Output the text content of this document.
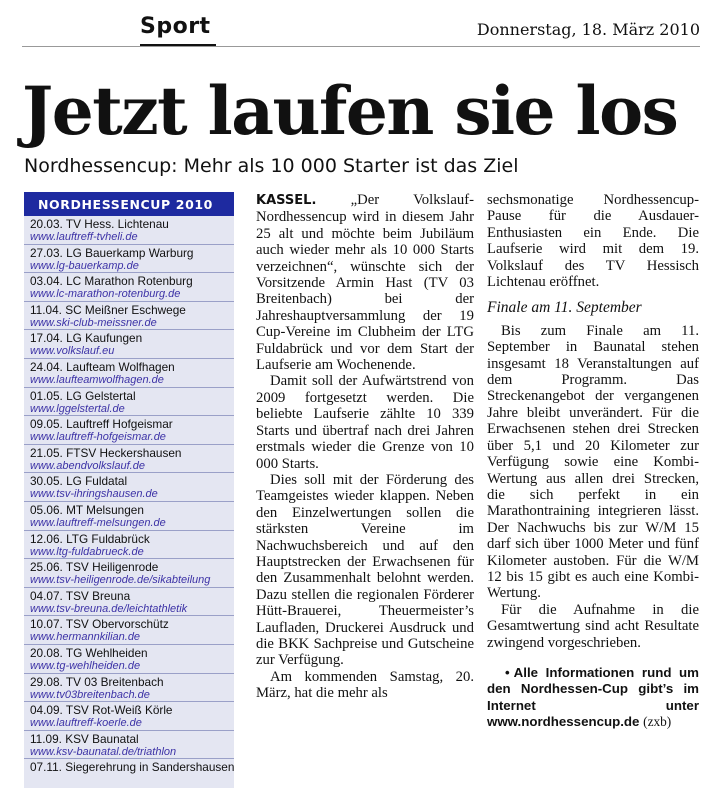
Sport	Donnerstag, 18. März 2010
Jetzt laufen sie los
Nordhessencup: Mehr als 10 000 Starter ist das Ziel
NORDHESSENCUP 2010
20.03. TV Hess. Lichtenau
www.lauftreff-tvheli.de
27.03. LG Bauerkamp Warburg
www.lg-bauerkamp.de
03.04. LC Marathon Rotenburg
www.lc-marathon-rotenburg.de
11.04. SC Meißner Eschwege
www.ski-club-meissner.de
17.04. LG Kaufungen
www.volkslauf.eu
24.04. Laufteam Wolfhagen
www.laufteamwolfhagen.de
01.05. LG Gelstertal
www.lggelstertal.de
09.05. Lauftreff Hofgeismar
www.lauftreff-hofgeismar.de
21.05. FTSV Heckershausen
www.abendvolkslauf.de
30.05. LG Fuldatal
www.tsv-ihringshausen.de
05.06. MT Melsungen
www.lauftreff-melsungen.de
12.06. LTG Fuldabrück
www.ltg-fuldabrueck.de
25.06. TSV Heiligenrode
www.tsv-heiligenrode.de/sikabteilung
04.07. TSV Breuna
www.tsv-breuna.de/leichtathletik
10.07. TSV Obervorschütz
www.hermannkilian.de
20.08. TG Wehlheiden
www.tg-wehlheiden.de
29.08. TV 03 Breitenbach
www.tv03breitenbach.de
04.09. TSV Rot-Weiß Körle
www.lauftreff-koerle.de
11.09. KSV Baunatal
www.ksv-baunatal.de/triathlon
07.11. Siegerehrung in Sandershausen

KASSEL. „Der Volkslauf-Nordhessencup wird in diesem Jahr 25 alt und möchte beim Jubiläum auch wieder mehr als 10 000 Starts verzeichnen“, wünschte sich der Vorsitzende Armin Hast (TV 03 Breitenbach) bei der Jahreshauptversammlung der 19 Cup-Vereine im Clubheim der LTG Fuldabrück und vor dem Start der Laufserie am Wochenende.

Damit soll der Aufwärtstrend von 2009 fortgesetzt werden. Die beliebte Laufserie zählte 10 339 Starts und übertraf nach drei Jahren erstmals wieder die Grenze von 10 000 Starts.

Dies soll mit der Förderung des Teamgeistes wieder klappen. Neben den Einzelwertungen sollen die stärksten Vereine im Nachwuchsbereich und auf den Hauptstrecken der Erwachsenen für den Zusammenhalt belohnt werden. Dazu stellen die regionalen Förderer Hütt-Brauerei, Theuermeister’s Laufladen, Druckerei Ausdruck und die BKK Sachpreise und Gutscheine zur Verfügung.

Am kommenden Samstag, 20. März, hat die mehr als

sechsmonatige Nordhessencup-Pause für die Ausdauer-Enthusiasten ein Ende. Die Laufserie wird mit dem 19. Volkslauf des TV Hessisch Lichtenau eröffnet.

Finale am 11. September

Bis zum Finale am 11. September in Baunatal stehen insgesamt 18 Veranstaltungen auf dem Programm. Das Streckenangebot der vergangenen Jahre bleibt unverändert. Für die Erwachsenen stehen drei Strecken über 5,1 und 20 Kilometer zur Verfügung sowie eine Kombi-Wertung aus allen drei Strecken, die sich perfekt in ein Marathontraining integrieren lässt. Der Nachwuchs bis zur W/M 15 darf sich über 1000 Meter und fünf Kilometer austoben. Für die W/M 12 bis 15 gibt es auch eine Kombi-Wertung.

Für die Aufnahme in die Gesamtwertung sind acht Resultate zwingend vorgeschrieben.

• Alle Informationen rund um den Nordhessen-Cup gibt’s im Internet unter www.nordhessencup.de (zxb)
